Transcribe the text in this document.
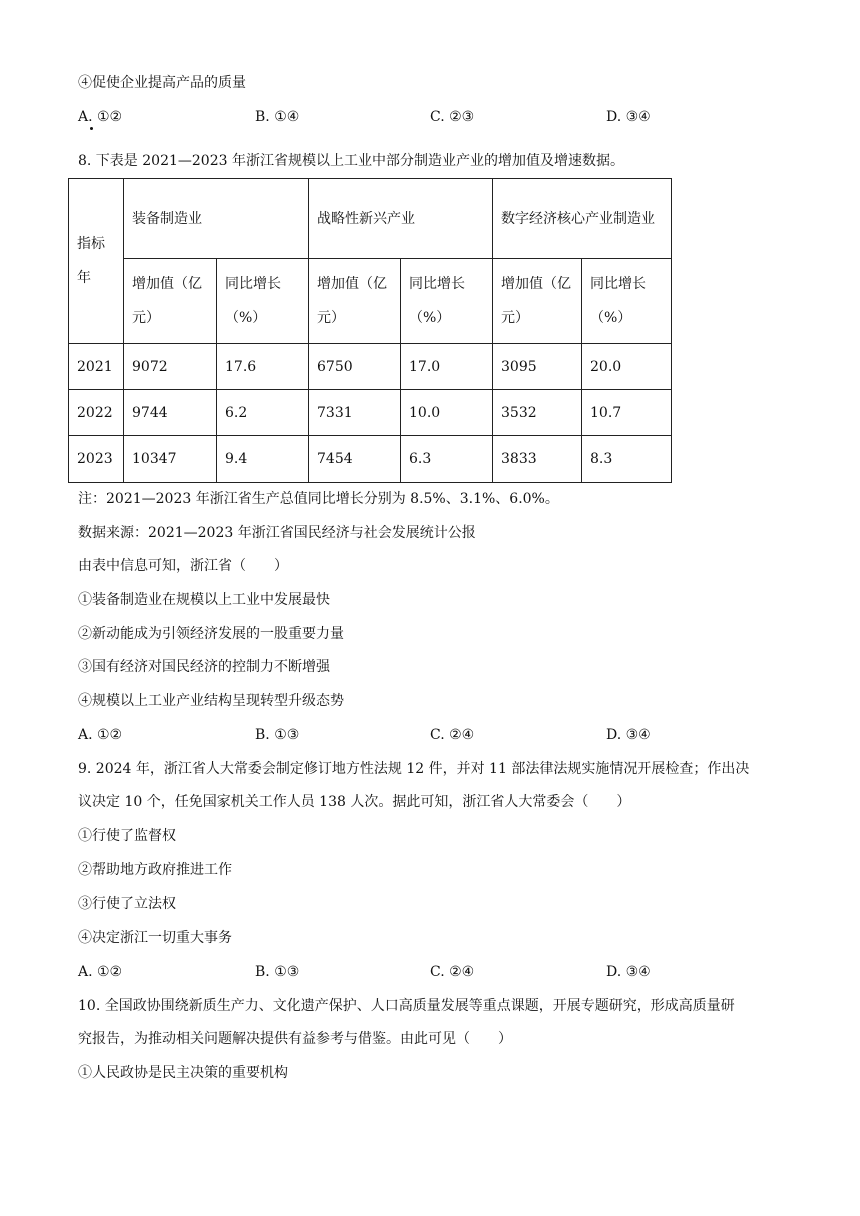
④促使企业提高产品的质量
A. ①②	B. ①④	C. ②③	D. ③④
8. 下表是 2021—2023 年浙江省规模以上工业中部分制造业产业的增加值及增速数据。
指标
年	装备制造业		战略性新兴产业		数字经济核心产业制造业	
	增加值（亿元）	同比增长（%）	增加值（亿元）	同比增长（%）	增加值（亿元）	同比增长（%）
2021	9072	17.6	6750	17.0	3095	20.0
2022	9744	6.2	7331	10.0	3532	10.7
2023	10347	9.4	7454	6.3	3833	8.3
注：2021—2023 年浙江省生产总值同比增长分别为 8.5%、3.1%、6.0%。
数据来源：2021—2023 年浙江省国民经济与社会发展统计公报
由表中信息可知，浙江省（　　）
①装备制造业在规模以上工业中发展最快
②新动能成为引领经济发展的一股重要力量
③国有经济对国民经济的控制力不断增强
④规模以上工业产业结构呈现转型升级态势
A. ①②	B. ①③	C. ②④	D. ③④
9. 2024 年，浙江省人大常委会制定修订地方性法规 12 件，并对 11 部法律法规实施情况开展检查；作出决
议决定 10 个，任免国家机关工作人员 138 人次。据此可知，浙江省人大常委会（　　）
①行使了监督权
②帮助地方政府推进工作
③行使了立法权
④决定浙江一切重大事务
A. ①②	B. ①③	C. ②④	D. ③④
10. 全国政协围绕新质生产力、文化遗产保护、人口高质量发展等重点课题，开展专题研究，形成高质量研
究报告，为推动相关问题解决提供有益参考与借鉴。由此可见（　　）
①人民政协是民主决策的重要机构
